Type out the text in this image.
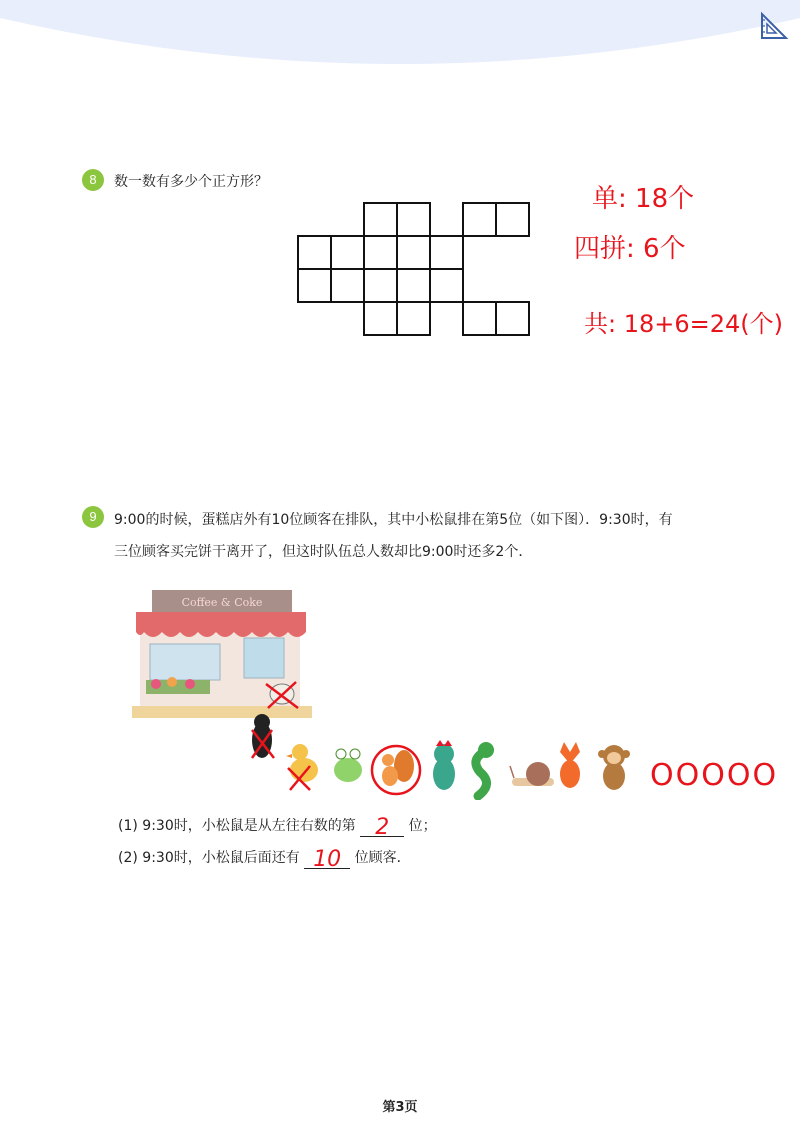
8	数一数有多少个正方形？
单: 18个
四拼: 6个
共: 18+6=24(个)
9	9:00的时候，蛋糕店外有10位顾客在排队，其中小松鼠排在第5位（如下图）．9:30时，有
三位顾客买完饼干离开了，但这时队伍总人数却比9:00时还多2个．
Coffee & Coke
OOOOO
(1) 9:30时，小松鼠是从左往右数的第 2	位；
(2) 9:30时，小松鼠后面还有 10 位顾客．
第3页
